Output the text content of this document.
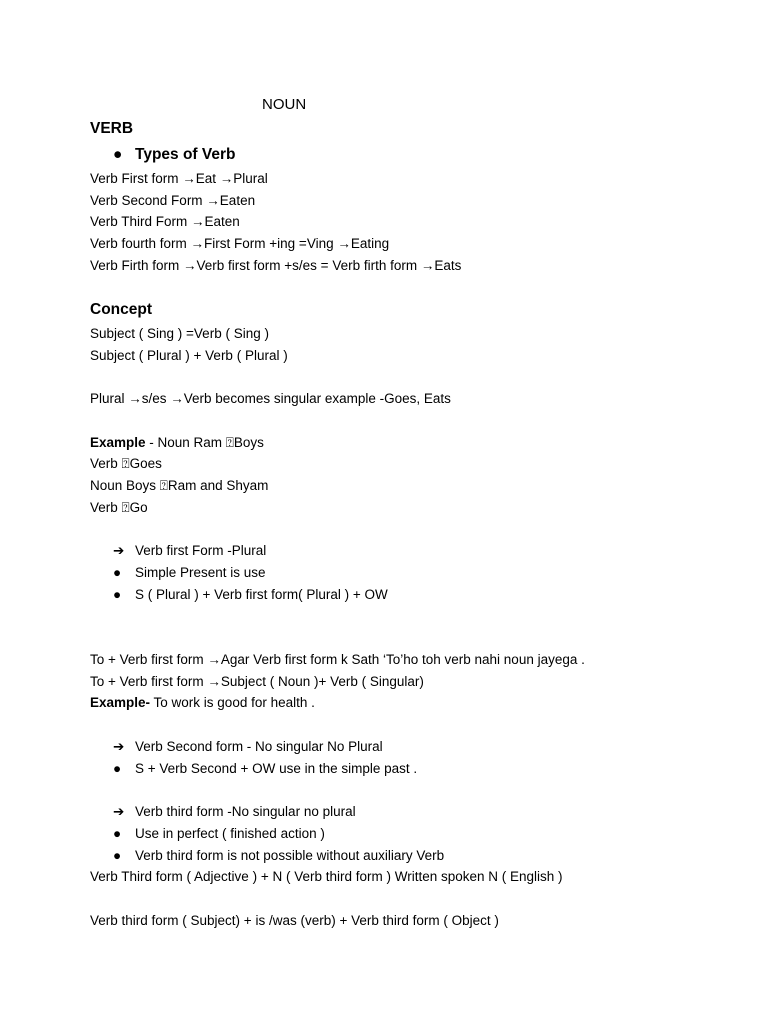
NOUN
VERB
● Types of Verb
Verb First form →Eat →Plural
Verb Second Form →Eaten
Verb Third Form →Eaten
Verb fourth form →First Form +ing =Ving →Eating
Verb Firth form →Verb first form +s/es = Verb firth form →Eats
Concept
Subject ( Sing ) =Verb ( Sing )
Subject ( Plural ) + Verb ( Plural )
Plural →s/es →Verb becomes singular example -Goes, Eats
Example - Noun Ram ⍰Boys
Verb ⍰Goes
Noun Boys ⍰Ram and Shyam
Verb ⍰Go
➔ Verb first Form -Plural
● Simple Present is use
● S ( Plural ) + Verb first form( Plural ) + OW
To + Verb first form →Agar Verb first form k Sath ‘To’ho toh verb nahi noun jayega .
To + Verb first form →Subject ( Noun )+ Verb ( Singular)
Example- To work is good for health .
➔ Verb Second form - No singular No Plural
● S + Verb Second + OW use in the simple past .
➔ Verb third form -No singular no plural
● Use in perfect ( finished action )
● Verb third form is not possible without auxiliary Verb
Verb Third form ( Adjective ) + N ( Verb third form ) Written spoken N ( English )
Verb third form ( Subject) + is /was (verb) + Verb third form ( Object )
